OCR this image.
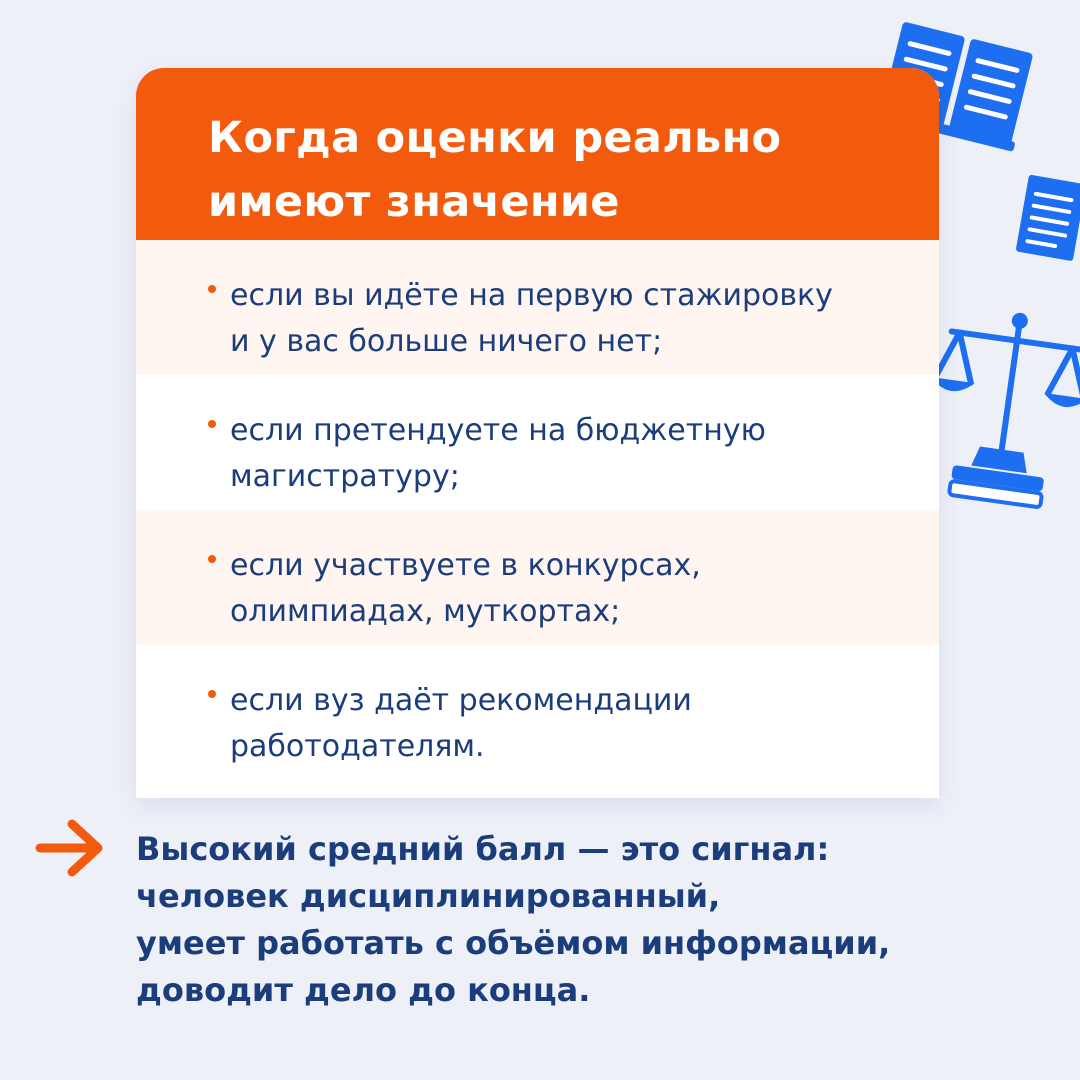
Когда оценки реально
имеют значение

если вы идёте на первую стажировку
и у вас больше ничего нет;

если претендуете на бюджетную
магистратуру;

если участвуете в конкурсах,
олимпиадах, муткортах;

если вуз даёт рекомендации
работодателям.

Высокий средний балл — это сигнал:
человек дисциплинированный,
умеет работать с объёмом информации,
доводит дело до конца.
